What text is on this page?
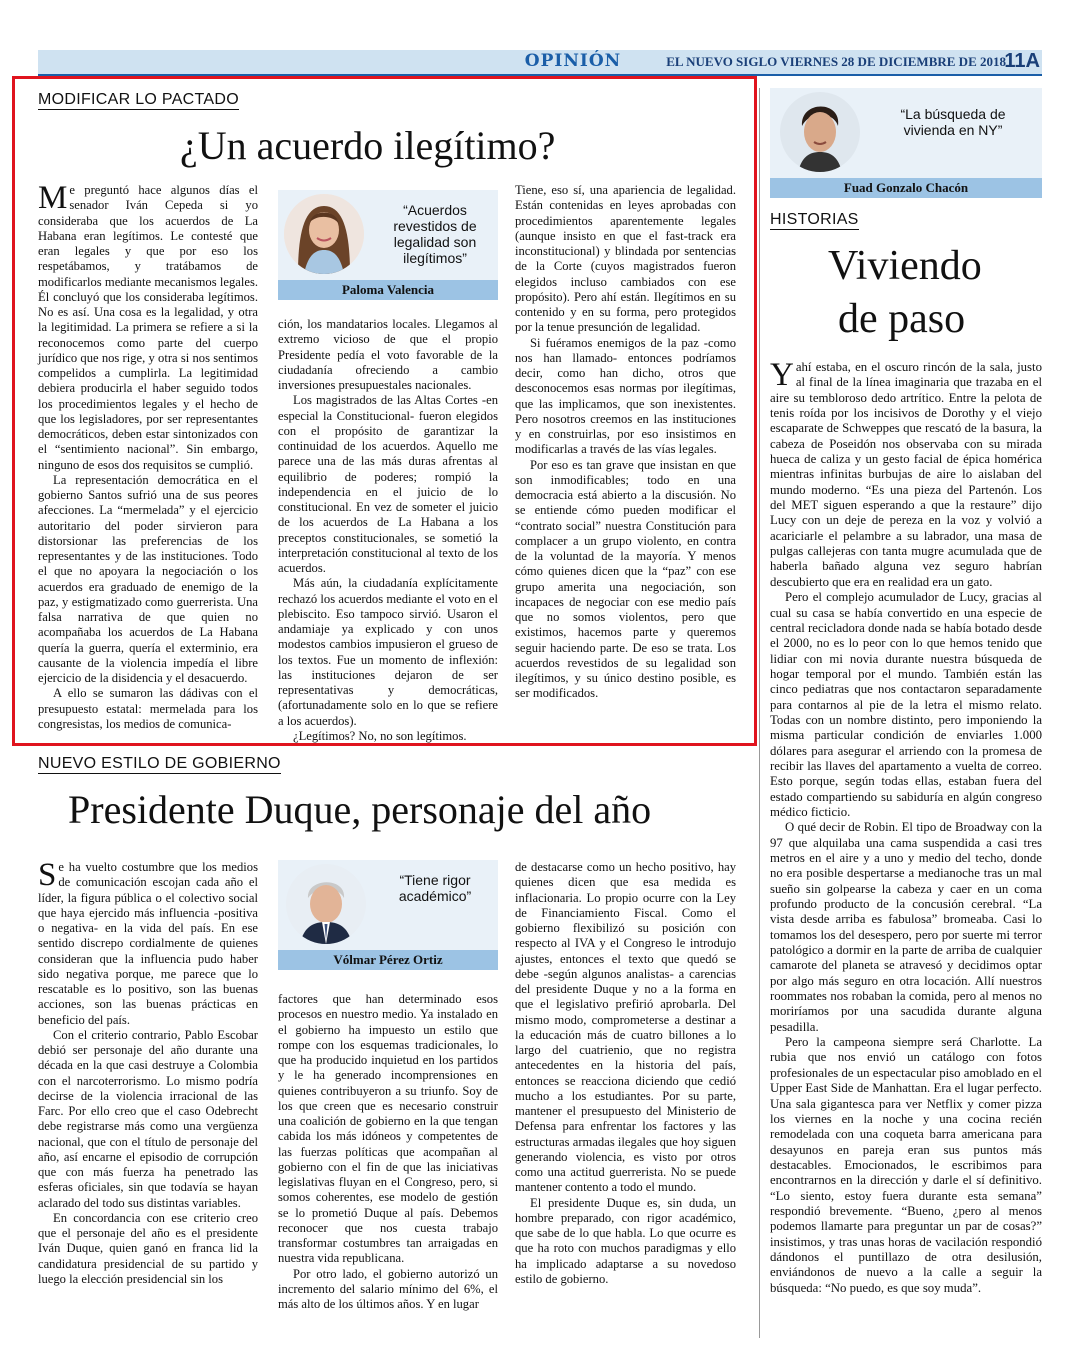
OPINIÓN	EL NUEVO SIGLO VIERNES 28 DE DICIEMBRE DE 2018
11A
MODIFICAR LO PACTADO
¿Un acuerdo ilegítimo?

Me preguntó hace algunos días el senador Iván Cepeda si yo consideraba que los acuerdos de La Habana eran legítimos. Le contesté que eran legales y que por eso los respetábamos, y tratábamos de modificarlos mediante mecanismos legales. Él concluyó que los consideraba legítimos. No es así. Una cosa es la legalidad, y otra la legitimidad. La primera se refiere a si la reconocemos como parte del cuerpo jurídico que nos rige, y otra si nos sentimos compelidos a cumplirla. La legitimidad debiera producirla el haber seguido todos los procedimientos legales y el hecho de que los legisladores, por ser representantes democráticos, deben estar sintonizados con el “sentimiento nacional”. Sin embargo, ninguno de esos dos requisitos se cumplió.

La representación democrática en el gobierno Santos sufrió una de sus peores afecciones. La “mermelada” y el ejercicio autoritario del poder sirvieron para distorsionar las preferencias de los representantes y de las instituciones. Todo el que no apoyara la negociación o los acuerdos era graduado de enemigo de la paz, y estigmatizado como guerrerista. Una falsa narrativa de que quien no acompañaba los acuerdos de La Habana quería la guerra, quería el exterminio, era causante de la violencia impedía el libre ejercicio de la disidencia y el desacuerdo.

A ello se sumaron las dádivas con el presupuesto estatal: mermelada para los congresistas, los medios de comunica-

“Acuerdos revestidos de legalidad son ilegítimos”
Paloma Valencia

ción, los mandatarios locales. Llegamos al extremo vicioso de que el propio Presidente pedía el voto favorable de la ciudadanía ofreciendo a cambio inversiones presupuestales nacionales.

Los magistrados de las Altas Cortes -en especial la Constitucional- fueron elegidos con el propósito de garantizar la continuidad de los acuerdos. Aquello me parece una de las más duras afrentas al equilibrio de poderes; rompió la independencia en el juicio de lo constitucional. En vez de someter el juicio de los acuerdos de La Habana a los preceptos constitucionales, se sometió la interpretación constitucional al texto de los acuerdos.

Más aún, la ciudadanía explícitamente rechazó los acuerdos mediante el voto en el plebiscito. Eso tampoco sirvió. Usaron el andamiaje ya explicado y con unos modestos cambios impusieron el grueso de los textos. Fue un momento de inflexión: las instituciones dejaron de ser representativas y democráticas, (afortunadamente solo en lo que se refiere a los acuerdos).

¿Legítimos? No, no son legítimos.

Tiene, eso sí, una apariencia de legalidad. Están contenidas en leyes aprobadas con procedimientos aparentemente legales (aunque insisto en que el fast-track era inconstitucional) y blindada por sentencias de la Corte (cuyos magistrados fueron elegidos incluso cambiados con ese propósito). Pero ahí están. Ilegítimos en su contenido y en su forma, pero protegidos por la tenue presunción de legalidad.

Si fuéramos enemigos de la paz -como nos han llamado- entonces podríamos decir, como han dicho, otros que desconocemos esas normas por ilegítimas, que las implicamos, que son inexistentes. Pero nosotros creemos en las instituciones y en construirlas, por eso insistimos en modificarlas a través de las vías legales.

Por eso es tan grave que insistan en que son inmodificables; todo en una democracia está abierto a la discusión. No se entiende cómo pueden modificar el “contrato social” nuestra Constitución para complacer a un grupo violento, en contra de la voluntad de la mayoría. Y menos cómo quienes dicen que la “paz” con ese grupo amerita una negociación, son incapaces de negociar con ese medio país que no somos violentos, pero que existimos, hacemos parte y queremos seguir haciendo parte. De eso se trata. Los acuerdos revestidos de su legalidad son ilegítimos, y su único destino posible, es ser modificados.

NUEVO ESTILO DE GOBIERNO
Presidente Duque, personaje del año

Se ha vuelto costumbre que los medios de comunicación escojan cada año el líder, la figura pública o el colectivo social que haya ejercido más influencia -positiva o negativa- en la vida del país. En ese sentido discrepo cordialmente de quienes consideran que la influencia pudo haber sido negativa porque, me parece que lo rescatable es lo positivo, son las buenas acciones, son las buenas prácticas en beneficio del país.

Con el criterio contrario, Pablo Escobar debió ser personaje del año durante una década en la que casi destruye a Colombia con el narcoterrorismo. Lo mismo podría decirse de la violencia irracional de las Farc. Por ello creo que el caso Odebrecht debe registrarse más como una vergüenza nacional, que con el título de personaje del año, así encarne el episodio de corrupción que con más fuerza ha penetrado las esferas oficiales, sin que todavía se hayan aclarado del todo sus distintas variables.

En concordancia con ese criterio creo que el personaje del año es el presidente Iván Duque, quien ganó en franca lid la candidatura presidencial de su partido y luego la elección presidencial sin los

“Tiene rigor académico”
Vólmar Pérez Ortiz

factores que han determinado esos procesos en nuestro medio. Ya instalado en el gobierno ha impuesto un estilo que rompe con los esquemas tradicionales, lo que ha producido inquietud en los partidos y le ha generado incomprensiones en quienes contribuyeron a su triunfo. Soy de los que creen que es necesario construir una coalición de gobierno en la que tengan cabida los más idóneos y competentes de las fuerzas políticas que acompañan al gobierno con el fin de que las iniciativas legislativas fluyan en el Congreso, pero, si somos coherentes, ese modelo de gestión se lo prometió Duque al país. Debemos reconocer que nos cuesta trabajo transformar costumbres tan arraigadas en nuestra vida republicana.

Por otro lado, el gobierno autorizó un incremento del salario mínimo del 6%, el más alto de los últimos años. Y en lugar

de destacarse como un hecho positivo, hay quienes dicen que esa medida es inflacionaria. Lo propio ocurre con la Ley de Financiamiento Fiscal. Como el gobierno flexibilizó su posición con respecto al IVA y el Congreso le introdujo ajustes, entonces el texto que quedó se debe -según algunos analistas- a carencias del presidente Duque y no a la forma en que el legislativo prefirió aprobarla. Del mismo modo, comprometerse a destinar a la educación más de cuatro billones a lo largo del cuatrienio, que no registra antecedentes en la historia del país, entonces se reacciona diciendo que cedió mucho a los estudiantes. Por su parte, mantener el presupuesto del Ministerio de Defensa para enfrentar los factores y las estructuras armadas ilegales que hoy siguen generando violencia, es visto por otros como una actitud guerrerista. No se puede mantener contento a todo el mundo.

El presidente Duque es, sin duda, un hombre preparado, con rigor académico, que sabe de lo que habla. Lo que ocurre es que ha roto con muchos paradigmas y ello ha implicado adaptarse a su novedoso estilo de gobierno.

“La búsqueda de vivienda en NY”
Fuad Gonzalo Chacón
HISTORIAS
Viviendo
de paso

Yahí estaba, en el oscuro rincón de la sala, justo al final de la línea imaginaria que trazaba en el aire su tembloroso dedo artrítico. Entre la pelota de tenis roída por los incisivos de Dorothy y el viejo escaparate de Schweppes que rescató de la basura, la cabeza de Poseidón nos observaba con su mirada hueca de caliza y un gesto facial de épica homérica mientras infinitas burbujas de aire lo aislaban del mundo moderno. “Es una pieza del Partenón. Los del MET siguen esperando a que la restaure” dijo Lucy con un deje de pereza en la voz y volvió a acariciarle el pelambre a su labrador, una masa de pulgas callejeras con tanta mugre acumulada que de haberla bañado alguna vez seguro habrían descubierto que era en realidad era un gato.

Pero el complejo acumulador de Lucy, gracias al cual su casa se había convertido en una especie de central recicladora donde nada se había botado desde el 2000, no es lo peor con lo que hemos tenido que lidiar con mi novia durante nuestra búsqueda de hogar temporal por el mundo. También están las cinco pediatras que nos contactaron separadamente para contarnos al pie de la letra el mismo relato. Todas con un nombre distinto, pero imponiendo la misma particular condición de enviarles 1.000 dólares para asegurar el arriendo con la promesa de recibir las llaves del apartamento a vuelta de correo. Esto porque, según todas ellas, estaban fuera del estado compartiendo su sabiduría en algún congreso médico ficticio.

O qué decir de Robin. El tipo de Broadway con la 97 que alquilaba una cama suspendida a casi tres metros en el aire y a uno y medio del techo, donde no era posible despertarse a medianoche tras un mal sueño sin golpearse la cabeza y caer en un coma profundo producto de la concusión cerebral. “La vista desde arriba es fabulosa” bromeaba. Casi lo tomamos los del desespero, pero por suerte mi terror patológico a dormir en la parte de arriba de cualquier camarote del planeta se atravesó y decidimos optar por algo más seguro en otra locación. Allí nuestros roommates nos robaban la comida, pero al menos no moriríamos por una sacudida durante alguna pesadilla.

Pero la campeona siempre será Charlotte. La rubia que nos envió un catálogo con fotos profesionales de un espectacular piso amoblado en el Upper East Side de Manhattan. Era el lugar perfecto. Una sala gigantesca para ver Netflix y comer pizza los viernes en la noche y una cocina recién remodelada con una coqueta barra americana para desayunos en pareja eran sus puntos más destacables. Emocionados, le escribimos para encontrarnos en la dirección y darle el sí definitivo. “Lo siento, estoy fuera durante esta semana” respondió brevemente. “Bueno, ¿pero al menos podemos llamarte para preguntar un par de cosas?” insistimos, y tras unas horas de vacilación respondió dándonos el puntillazo de otra desilusión, enviándonos de nuevo a la calle a seguir la búsqueda: “No puedo, es que soy muda”.
